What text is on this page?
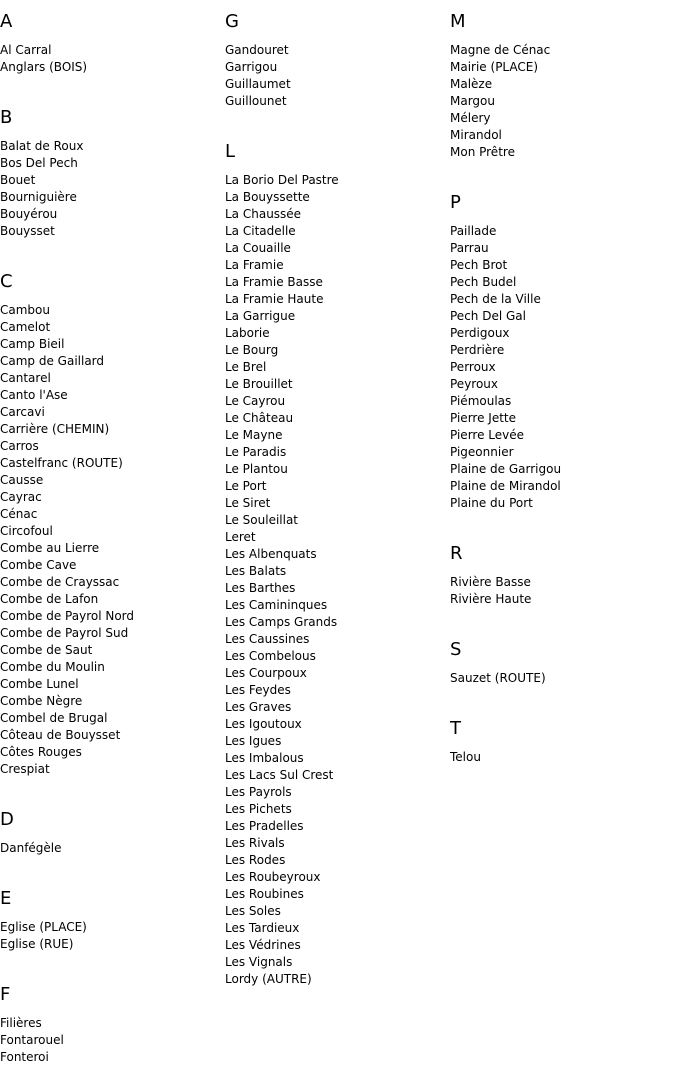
A
Al Carral
Anglars (BOIS)
B
Balat de Roux
Bos Del Pech
Bouet
Bourniguière
Bouyérou
Bouysset
C
Cambou
Camelot
Camp Bieil
Camp de Gaillard
Cantarel
Canto l'Ase
Carcavi
Carrière (CHEMIN)
Carros
Castelfranc (ROUTE)
Causse
Cayrac
Cénac
Circofoul
Combe au Lierre
Combe Cave
Combe de Crayssac
Combe de Lafon
Combe de Payrol Nord
Combe de Payrol Sud
Combe de Saut
Combe du Moulin
Combe Lunel
Combe Nègre
Combel de Brugal
Côteau de Bouysset
Côtes Rouges
Crespiat
D
Danfégèle
E
Eglise (PLACE)
Eglise (RUE)
F
Filières
Fontarouel
Fonteroi
G
Gandouret
Garrigou
Guillaumet
Guillounet
L
La Borio Del Pastre
La Bouyssette
La Chaussée
La Citadelle
La Couaille
La Framie
La Framie Basse
La Framie Haute
La Garrigue
Laborie
Le Bourg
Le Brel
Le Brouillet
Le Cayrou
Le Château
Le Mayne
Le Paradis
Le Plantou
Le Port
Le Siret
Le Souleillat
Leret
Les Albenquats
Les Balats
Les Barthes
Les Camininques
Les Camps Grands
Les Caussines
Les Combelous
Les Courpoux
Les Feydes
Les Graves
Les Igoutoux
Les Igues
Les Imbalous
Les Lacs Sul Crest
Les Payrols
Les Pichets
Les Pradelles
Les Rivals
Les Rodes
Les Roubeyroux
Les Roubines
Les Soles
Les Tardieux
Les Védrines
Les Vignals
Lordy (AUTRE)
M
Magne de Cénac
Mairie (PLACE)
Malèze
Margou
Mélery
Mirandol
Mon Prêtre
P
Paillade
Parrau
Pech Brot
Pech Budel
Pech de la Ville
Pech Del Gal
Perdigoux
Perdrière
Perroux
Peyroux
Piémoulas
Pierre Jette
Pierre Levée
Pigeonnier
Plaine de Garrigou
Plaine de Mirandol
Plaine du Port
R
Rivière Basse
Rivière Haute
S
Sauzet (ROUTE)
T
Telou
